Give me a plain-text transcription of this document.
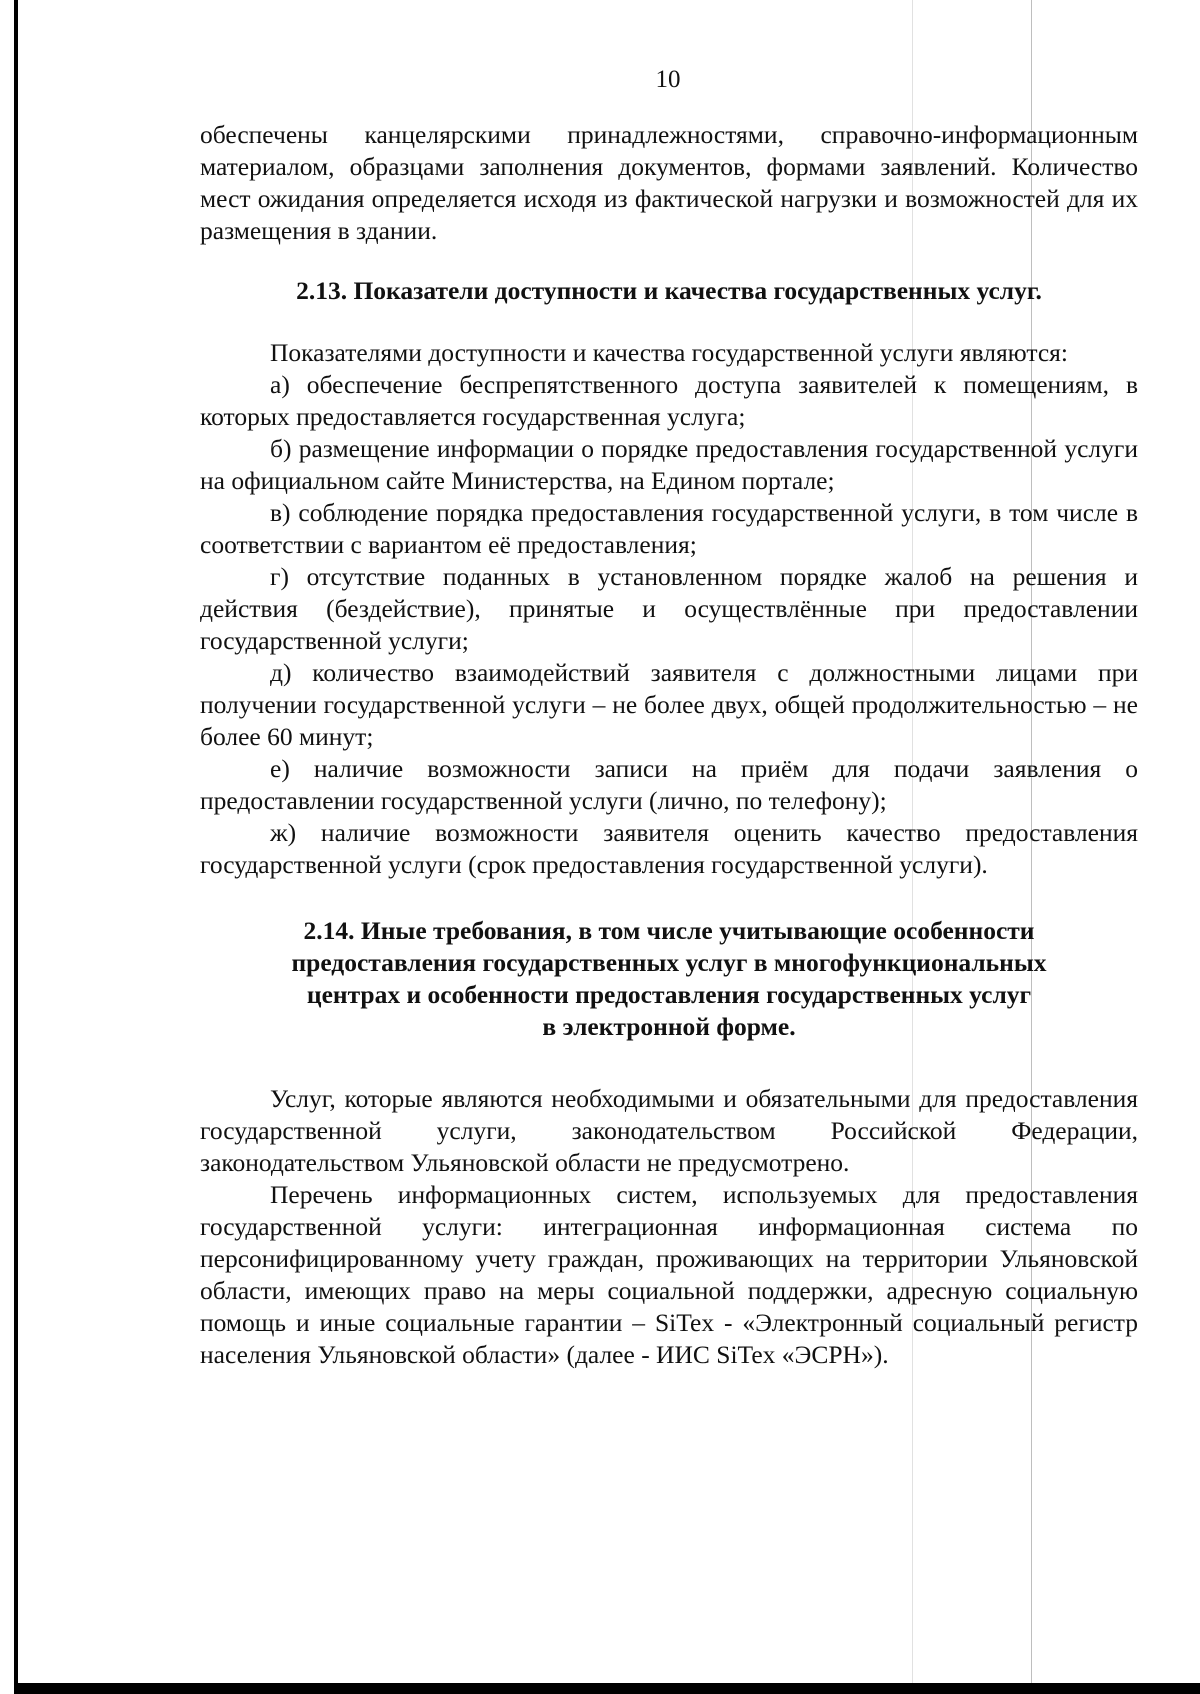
10

обеспечены канцелярскими принадлежностями, справочно-информационным материалом, образцами заполнения документов, формами заявлений. Количество мест ожидания определяется исходя из фактической нагрузки и возможностей для их размещения в здании.

2.13. Показатели доступности и качества государственных услуг.

Показателями доступности и качества государственной услуги являются:

а) обеспечение беспрепятственного доступа заявителей к помещениям, в которых предоставляется государственная услуга;

б) размещение информации о порядке предоставления государственной услуги на официальном сайте Министерства, на Едином портале;

в) соблюдение порядка предоставления государственной услуги, в том числе в соответствии с вариантом её предоставления;

г) отсутствие поданных в установленном порядке жалоб на решения и действия (бездействие), принятые и осуществлённые при предоставлении государственной услуги;

д) количество взаимодействий заявителя с должностными лицами при получении государственной услуги – не более двух, общей продолжительностью – не более 60 минут;

е) наличие возможности записи на приём для подачи заявления о предоставлении государственной услуги (лично, по телефону);

ж) наличие возможности заявителя оценить качество предоставления государственной услуги (срок предоставления государственной услуги).

2.14. Иные требования, в том числе учитывающие особенности

предоставления государственных услуг в многофункциональных

центрах и особенности предоставления государственных услуг

в электронной форме.

Услуг, которые являются необходимыми и обязательными для предоставления государственной услуги, законодательством Российской Федерации, законодательством Ульяновской области не предусмотрено.

Перечень информационных систем, используемых для предоставления государственной услуги: интеграционная информационная система по персонифицированному учету граждан, проживающих на территории Ульяновской области, имеющих право на меры социальной поддержки, адресную социальную помощь и иные социальные гарантии – SiTex - «Электронный социальный регистр населения Ульяновской области» (далее - ИИС SiTex «ЭСРН»).
